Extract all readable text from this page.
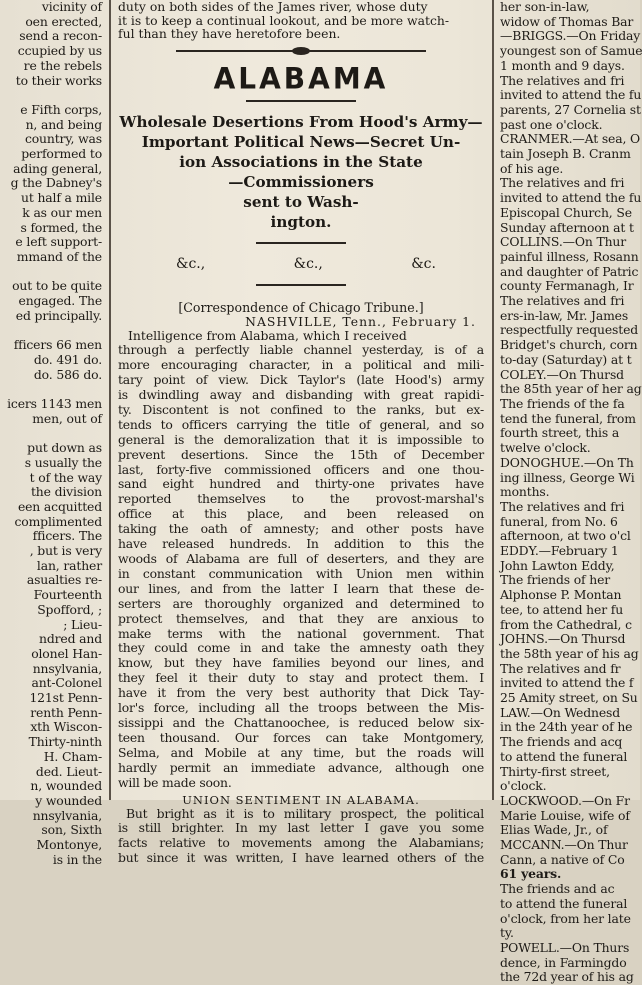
vicinity of
oen erected,
send a recon-
ccupied by us
re the rebels
to their works

e Fifth corps,
n, and being
country, was
performed to
ading general,
g the Dabney's
ut half a mile
k as our men
s formed, the
e left support-
mmand of the

out to be quite
engaged. The
ed principally.

fficers 66 men
do. 491 do.
do. 586 do.

icers 1143 men
men, out of

put down as
s usually the
t of the way
the division
een acquitted
complimented
fficers. The
, but is very
lan, rather
asualties re-
Fourteenth
Spofford, ;
; Lieu-
ndred and
olonel Han-
nnsylvania,
ant-Colonel
121st Penn-
renth Penn-
xth Wiscon-
Thirty-ninth
H. Cham-
ded. Lieut-
n, wounded
y wounded
nnsylvania,
son, Sixth
Montonye,
is in the
duty on both sides of the James river, whose duty
it is to keep a continual lookout, and be more watch-
ful than they have heretofore been.
ALABAMA
Wholesale Desertions From Hood's Army—
Important Political News—Secret Un-
ion Associations in the State
—Commissioners
sent to Wash-
ington.
&c.,	&c.,	&c.
[Correspondence of Chicago Tribune.]
NASHVILLE, Tenn., February 1.
Intelligence from Alabama, which I received
through a perfectly liable channel yesterday, is of a
more encouraging character, in a political and mili-
tary point of view. Dick Taylor's (late Hood's) army
is dwindling away and disbanding with great rapidi-
ty. Discontent is not confined to the ranks, but ex-
tends to officers carrying the title of general, and so
general is the demoralization that it is impossible to
prevent desertions. Since the 15th of December
last, forty-five commissioned officers and one thou-
sand eight hundred and thirty-one privates have
reported themselves to the provost-marshal's
office at this place, and been released on
taking the oath of amnesty; and other posts have
have released hundreds. In addition to this the
woods of Alabama are full of deserters, and they are
in constant communication with Union men within
our lines, and from the latter I learn that these de-
serters are thoroughly organized and determined to
protect themselves, and that they are anxious to
make terms with the national government. That
they could come in and take the amnesty oath they
know, but they have families beyond our lines, and
they feel it their duty to stay and protect them. I
have it from the very best authority that Dick Tay-
lor's force, including all the troops between the Mis-
sissippi and the Chattanoochee, is reduced below six-
teen thousand. Our forces can take Montgomery,
Selma, and Mobile at any time, but the roads will
hardly permit an immediate advance, although one
will be made soon.
UNION SENTIMENT IN ALABAMA.
But bright as it is to military prospect, the political
is still brighter. In my last letter I gave you some
facts relative to movements among the Alabamians;
but since it was written, I have learned others of the
her son-in-law,
widow of Thomas Bar
—BRIGGS.—On Friday
youngest son of Samue
1 month and 9 days.
The relatives and fri
invited to attend the fu
parents, 27 Cornelia st
past one o'clock.
CRANMER.—At sea, O
tain Joseph B. Cranm
of his age.
The relatives and fri
invited to attend the fu
Episcopal Church, Se
Sunday afternoon at t
COLLINS.—On Thur
painful illness, Rosann
and daughter of Patric
county Fermanagh, Ir
The relatives and fri
ers-in-law, Mr. James
respectfully requested
Bridget's church, corn
to-day (Saturday) at t
COLEY.—On Thursd
the 85th year of her ag
The friends of the fa
tend the funeral, from
fourth street, this a
twelve o'clock.
DONOGHUE.—On Th
ing illness, George Wi
months.
The relatives and fri
funeral, from No. 6
afternoon, at two o'cl
EDDY.—February 1
John Lawton Eddy,
The friends of her
Alphonse P. Montan
tee, to attend her fu
from the Cathedral, c
JOHNS.—On Thursd
the 58th year of his ag
The relatives and fr
invited to attend the f
25 Amity street, on Su
LAW.—On Wednesd
in the 24th year of he
The friends and acq
to attend the funeral
Thirty-first street,
o'clock.
LOCKWOOD.—On Fr
Marie Louise, wife of
Elias Wade, Jr., of
MCCANN.—On Thur
Cann, a native of Co
61 years.
The friends and ac
to attend the funeral
o'clock, from her late
ty.
POWELL.—On Thurs
dence, in Farmingdo
the 72d year of his ag
